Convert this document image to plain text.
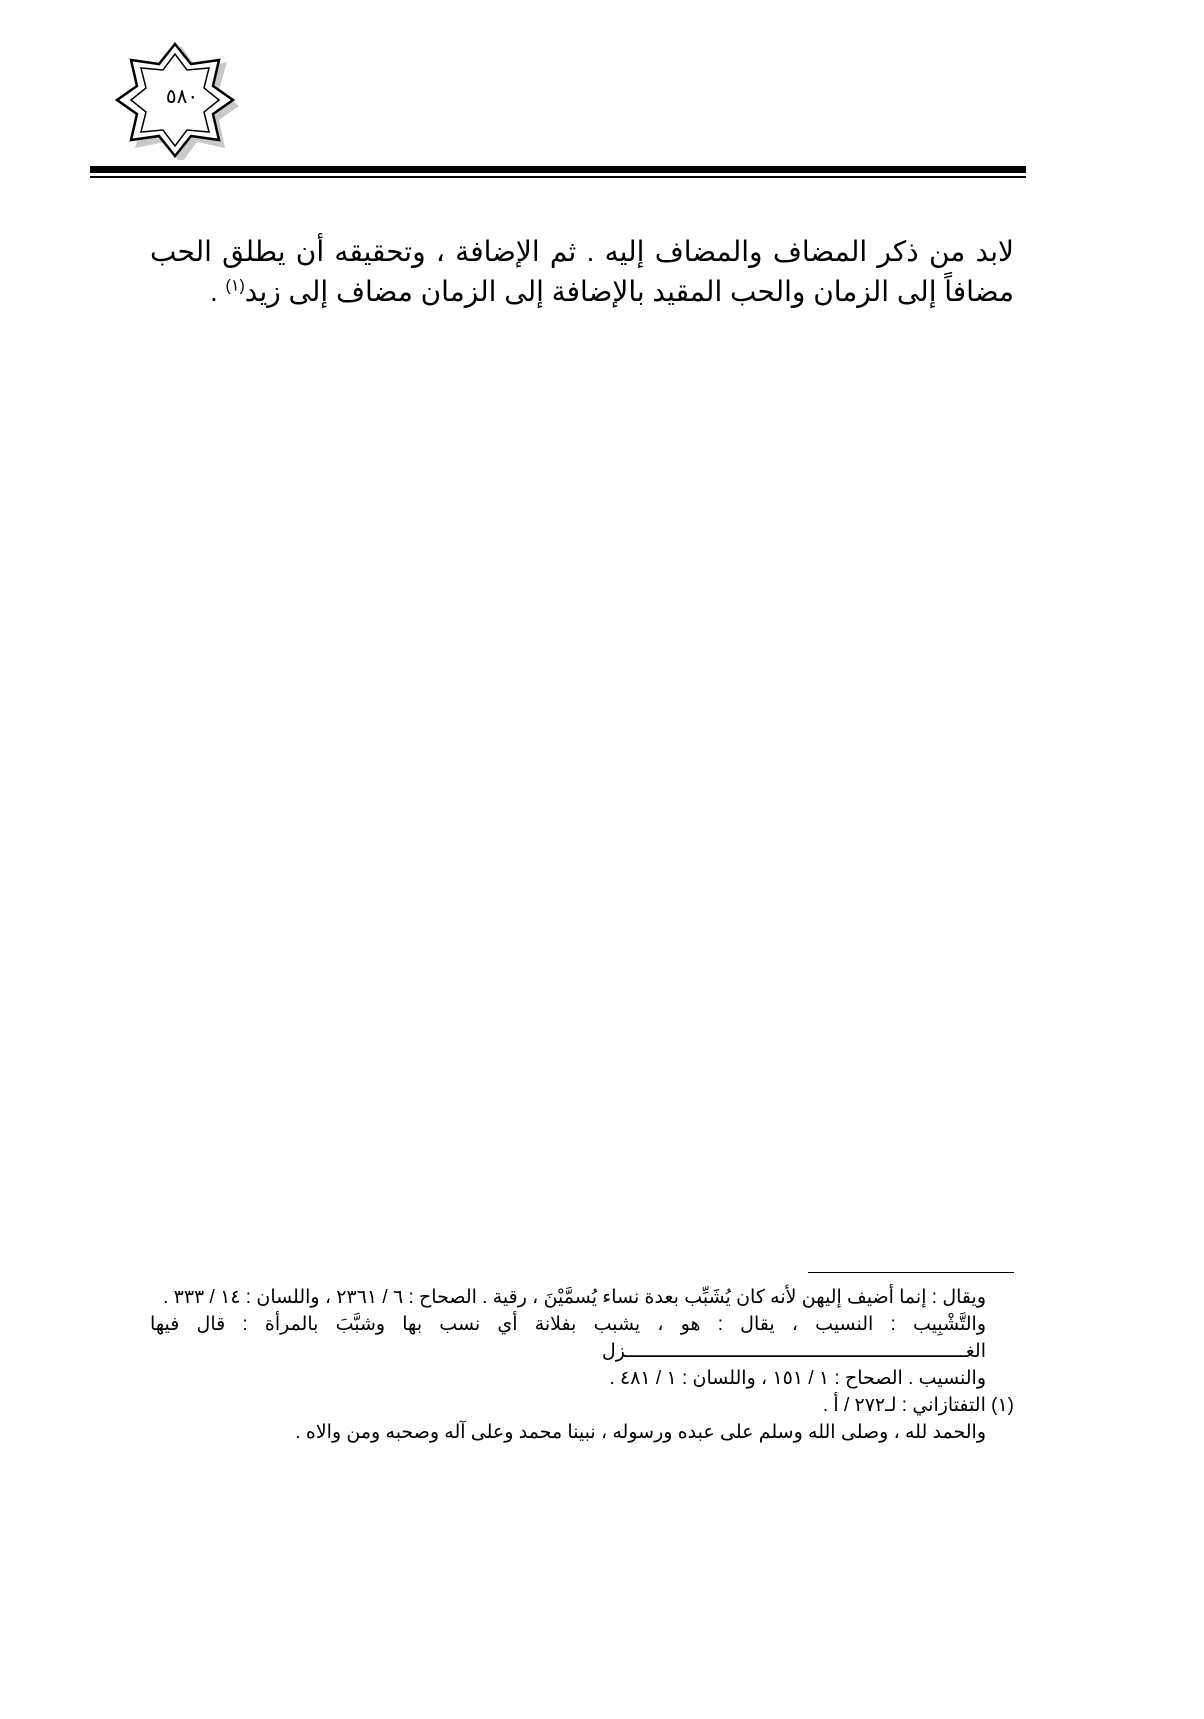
٥٨٠

لابد من ذكر المضاف والمضاف إليه . ثم الإضافة ، وتحقيقه أن يطلق الحب مضافاً إلى الزمان والحب المقيد بالإضافة إلى الزمان مضاف إلى زيد$^{(١)}$ .

ويقال : إنما أضيف إليهن لأنه كان يُشَبِّب بعدة نساء يُسمَّيْنَ ، رقية . الصحاح : ٦ / ٢٣٦١ ، واللسان : ١٤ / ٣٣٣ .

والتَّشْبِيب : النسيب ، يقال : هو ، يشبب بفلانة أي نسب بها وشبَّبَ بالمرأة : قال فيها الغـــــــــــــــــــــــــــــــــــــــــــــــــــــــــــــزل

والنسيب . الصحاح : ١ / ١٥١ ، واللسان : ١ / ٤٨١ .

(١) التفتازاني : لـ٢٧٢ / أ .

والحمد لله ، وصلى الله وسلم على عبده ورسوله ، نبينا محمد وعلى آله وصحبه ومن والاه .
